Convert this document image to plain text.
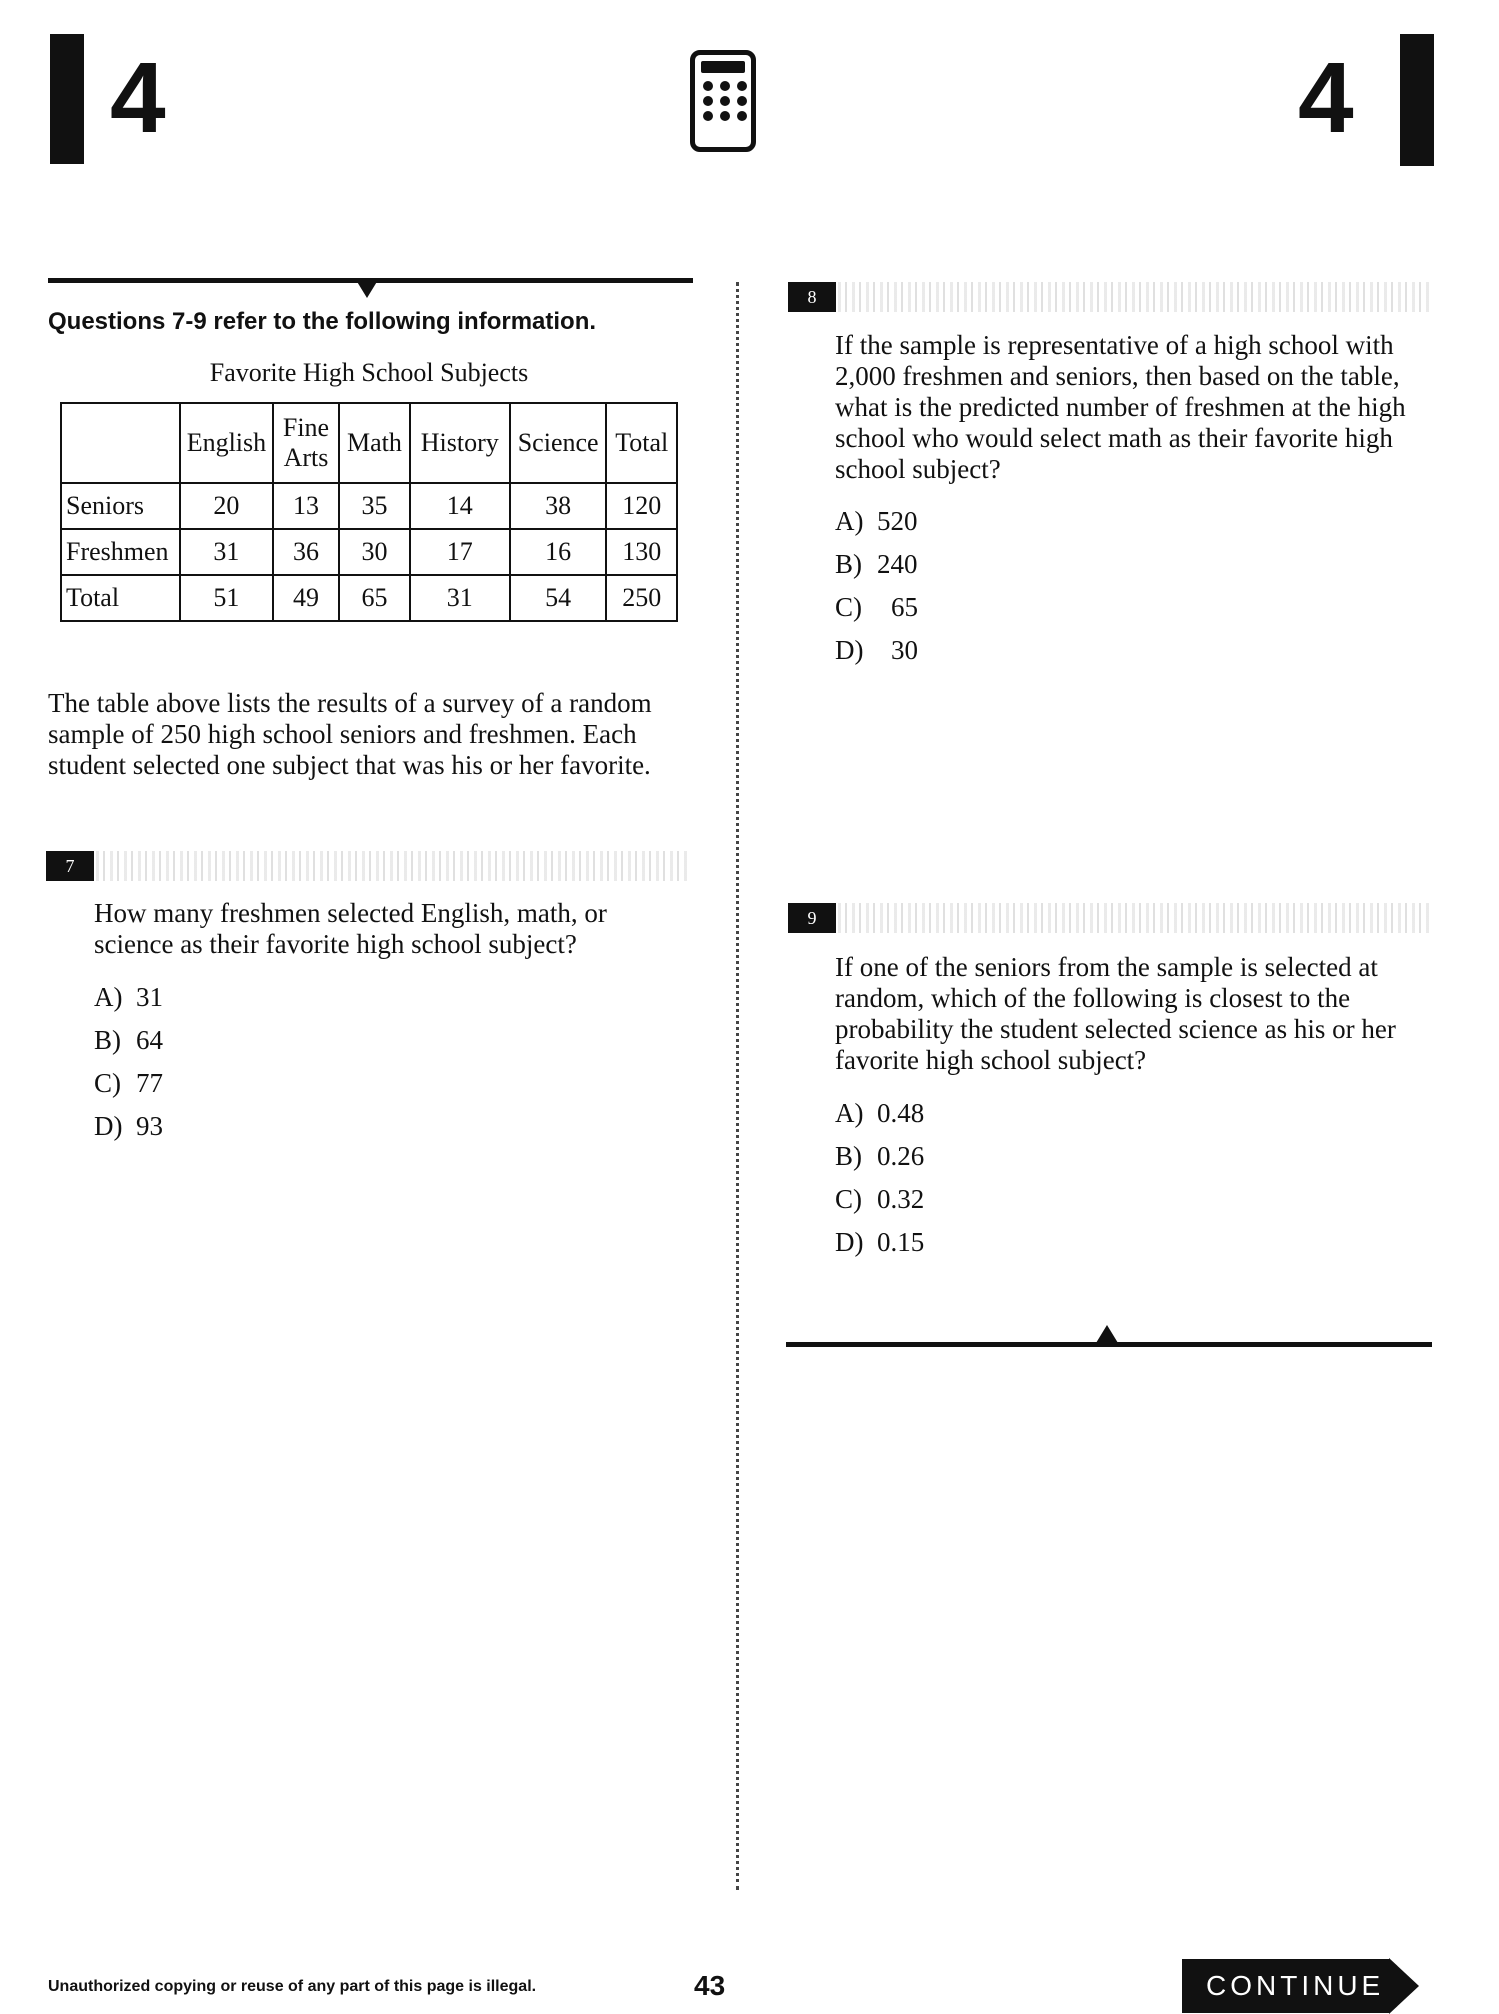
4	4
Questions 7-9 refer to the following information.
Favorite High School Subjects
	English	Fine Arts	Math	History	Science	Total
Seniors	20	13	35	14	38	120
Freshmen	31	36	30	17	16	130
Total	51	49	65	31	54	250
The table above lists the results of a survey of a random sample of 250 high school seniors and freshmen. Each student selected one subject that was his or her favorite.
7
How many freshmen selected English, math, or science as their favorite high school subject?
A) 31
B) 64
C) 77
D) 93
8
If the sample is representative of a high school with 2,000 freshmen and seniors, then based on the table, what is the predicted number of freshmen at the high school who would select math as their favorite high school subject?
A) 520
B) 240
C) 65
D) 30
9
If one of the seniors from the sample is selected at random, which of the following is closest to the probability the student selected science as his or her favorite high school subject?
A) 0.48
B) 0.26
C) 0.32
D) 0.15
Unauthorized copying or reuse of any part of this page is illegal.	43	CONTINUE
